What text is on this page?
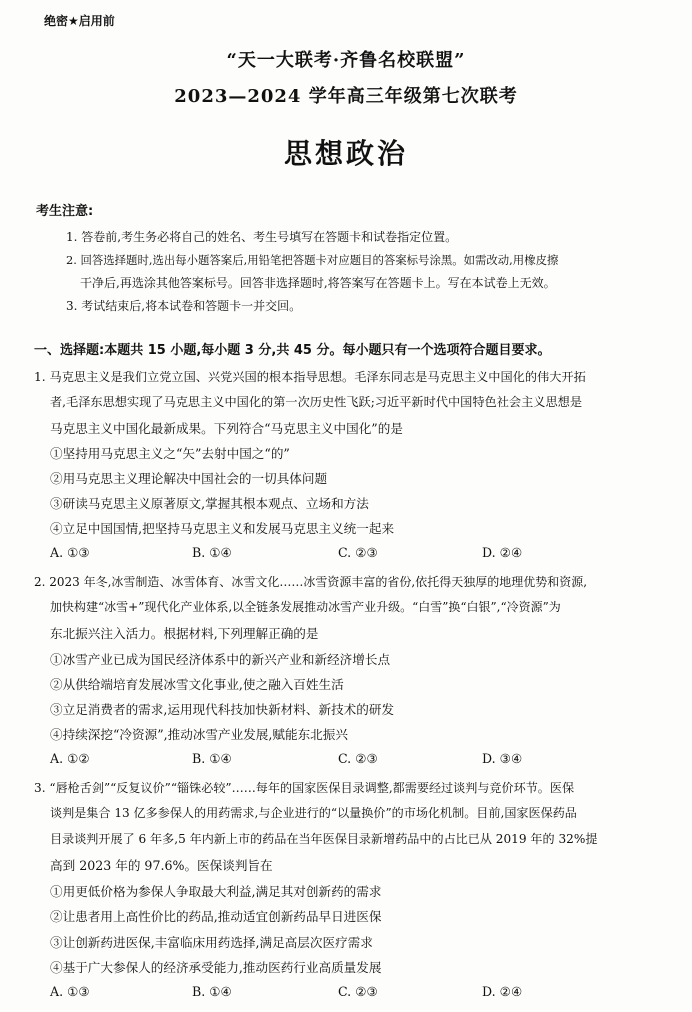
绝密★启用前
“天一大联考·齐鲁名校联盟”
2023—2024 学年高三年级第七次联考
思想政治
考生注意:
1. 答卷前,考生务必将自己的姓名、考生号填写在答题卡和试卷指定位置。
2. 回答选择题时,选出每小题答案后,用铅笔把答题卡对应题目的答案标号涂黑。如需改动,用橡皮擦
干净后,再选涂其他答案标号。回答非选择题时,将答案写在答题卡上。写在本试卷上无效。
3. 考试结束后,将本试卷和答题卡一并交回。
一、选择题:本题共 15 小题,每小题 3 分,共 45 分。每小题只有一个选项符合题目要求。
1. 马克思主义是我们立党立国、兴党兴国的根本指导思想。毛泽东同志是马克思主义中国化的伟大开拓
者,毛泽东思想实现了马克思主义中国化的第一次历史性飞跃;习近平新时代中国特色社会主义思想是
马克思主义中国化最新成果。下列符合“马克思主义中国化”的是
①坚持用马克思主义之“矢”去射中国之“的”
②用马克思主义理论解决中国社会的一切具体问题
③研读马克思主义原著原文,掌握其根本观点、立场和方法
④立足中国国情,把坚持马克思主义和发展马克思主义统一起来
A. ①③	B. ①④	C. ②③	D. ②④
2. 2023 年冬,冰雪制造、冰雪体育、冰雪文化……冰雪资源丰富的省份,依托得天独厚的地理优势和资源,
加快构建“冰雪+”现代化产业体系,以全链条发展推动冰雪产业升级。“白雪”换“白银”,“冷资源”为
东北振兴注入活力。根据材料,下列理解正确的是
①冰雪产业已成为国民经济体系中的新兴产业和新经济增长点
②从供给端培育发展冰雪文化事业,使之融入百姓生活
③立足消费者的需求,运用现代科技加快新材料、新技术的研发
④持续深挖“冷资源”,推动冰雪产业发展,赋能东北振兴
A. ①②	B. ①④	C. ②③	D. ③④
3. “唇枪舌剑”“反复议价”“锱铢必较”……每年的国家医保目录调整,都需要经过谈判与竞价环节。医保
谈判是集合 13 亿多参保人的用药需求,与企业进行的“以量换价”的市场化机制。目前,国家医保药品
目录谈判开展了 6 年多,5 年内新上市的药品在当年医保目录新增药品中的占比已从 2019 年的 32%提
高到 2023 年的 97.6%。医保谈判旨在
①用更低价格为参保人争取最大利益,满足其对创新药的需求
②让患者用上高性价比的药品,推动适宜创新药品早日进医保
③让创新药进医保,丰富临床用药选择,满足高层次医疗需求
④基于广大参保人的经济承受能力,推动医药行业高质量发展
A. ①③	B. ①④	C. ②③	D. ②④
